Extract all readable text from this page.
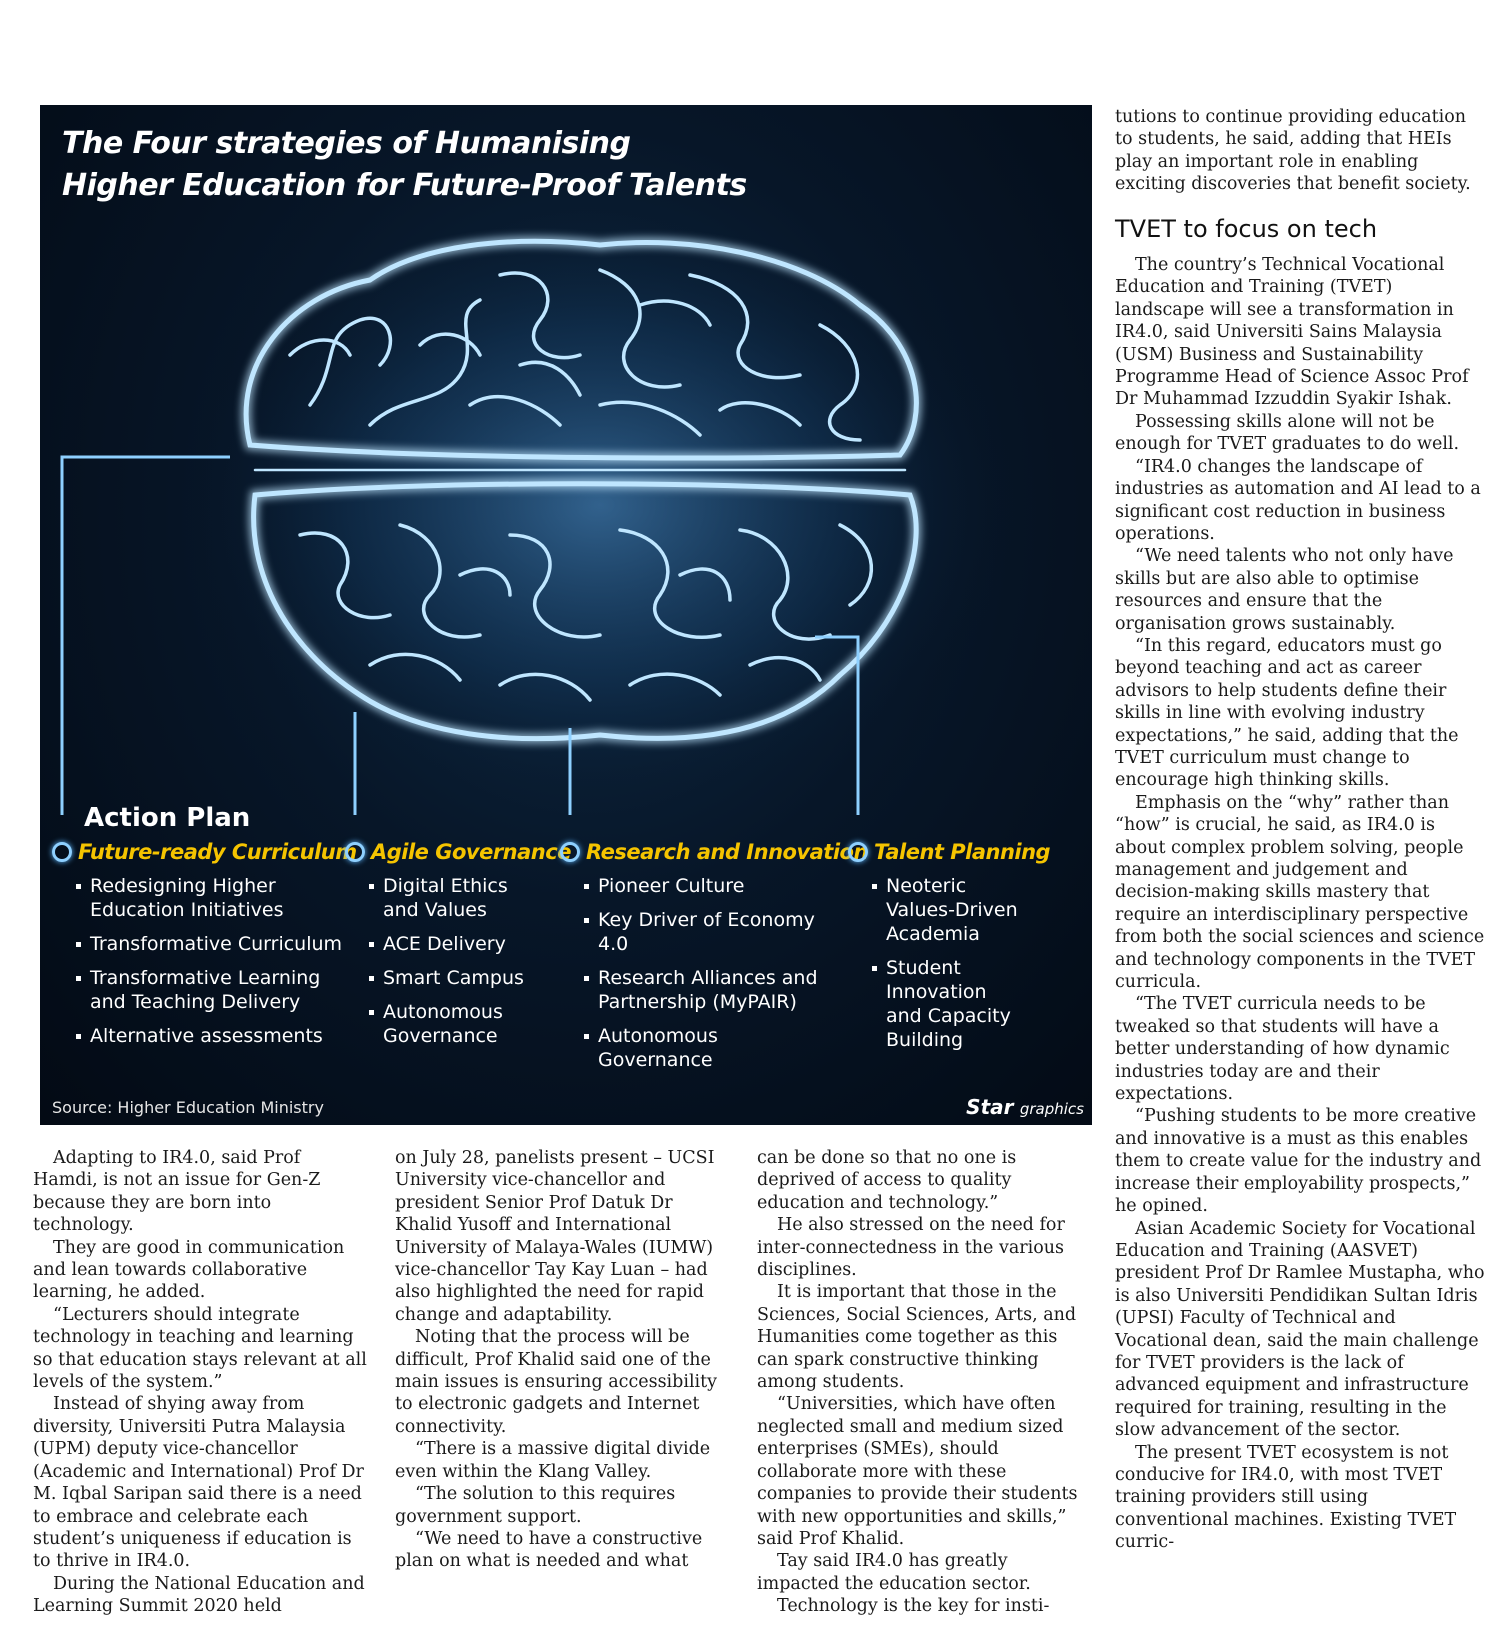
The Four strategies of Humanising
Higher Education for Future-Proof Talents
Action Plan
Future-ready Curriculum
Redesigning Higher Education Initiatives
Transformative Curriculum
Transformative Learning and Teaching Delivery
Alternative assessments
Agile Governance
Digital Ethics and Values
ACE Delivery
Smart Campus
Autonomous Governance
Research and Innovation
Pioneer Culture
Key Driver of Economy 4.0
Research Alliances and Partnership (MyPAIR)
Autonomous Governance
Talent Planning
Neoteric Values-Driven Academia
Student Innovation and Capacity Building
Source: Higher Education Ministry	Star graphics

Adapting to IR4.0, said Prof Hamdi, is not an issue for Gen-Z because they are born into technology.

They are good in communication and lean towards collaborative learning, he added.

“Lecturers should integrate technology in teaching and learning so that education stays relevant at all levels of the system.”

Instead of shying away from diversity, Universiti Putra Malaysia (UPM) deputy vice-chancellor (Academic and International) Prof Dr M. Iqbal Saripan said there is a need to embrace and celebrate each student’s uniqueness if education is to thrive in IR4.0.

During the National Education and Learning Summit 2020 held

on July 28, panelists present – UCSI University vice-chancellor and president Senior Prof Datuk Dr Khalid Yusoff and International University of Malaya-Wales (IUMW) vice-chancellor Tay Kay Luan – had also highlighted the need for rapid change and adaptability.

Noting that the process will be difficult, Prof Khalid said one of the main issues is ensuring accessibility to electronic gadgets and Internet connectivity.

“There is a massive digital divide even within the Klang Valley.

“The solution to this requires government support.

“We need to have a constructive plan on what is needed and what

can be done so that no one is deprived of access to quality education and technology.”

He also stressed on the need for inter-connectedness in the various disciplines.

It is important that those in the Sciences, Social Sciences, Arts, and Humanities come together as this can spark constructive thinking among students.

“Universities, which have often neglected small and medium sized enterprises (SMEs), should collaborate more with these companies to provide their students with new opportunities and skills,” said Prof Khalid.

Tay said IR4.0 has greatly impacted the education sector.

Technology is the key for insti-

tutions to continue providing education to students, he said, adding that HEIs play an important role in enabling exciting discoveries that benefit society.

TVET to focus on tech

The country’s Technical Vocational Education and Training (TVET) landscape will see a transformation in IR4.0, said Universiti Sains Malaysia (USM) Business and Sustainability Programme Head of Science Assoc Prof Dr Muhammad Izzuddin Syakir Ishak.

Possessing skills alone will not be enough for TVET graduates to do well.

“IR4.0 changes the landscape of industries as automation and AI lead to a significant cost reduction in business operations.

“We need talents who not only have skills but are also able to optimise resources and ensure that the organisation grows sustainably.

“In this regard, educators must go beyond teaching and act as career advisors to help students define their skills in line with evolving industry expectations,” he said, adding that the TVET curriculum must change to encourage high thinking skills.

Emphasis on the “why” rather than “how” is crucial, he said, as IR4.0 is about complex problem solving, people management and judgement and decision-making skills mastery that require an interdisciplinary perspective from both the social sciences and science and technology components in the TVET curricula.

“The TVET curricula needs to be tweaked so that students will have a better understanding of how dynamic industries today are and their expectations.

“Pushing students to be more creative and innovative is a must as this enables them to create value for the industry and increase their employability prospects,” he opined.

Asian Academic Society for Vocational Education and Training (AASVET) president Prof Dr Ramlee Mustapha, who is also Universiti Pendidikan Sultan Idris (UPSI) Faculty of Technical and Vocational dean, said the main challenge for TVET providers is the lack of advanced equipment and infrastructure required for training, resulting in the slow advancement of the sector.

The present TVET ecosystem is not conducive for IR4.0, with most TVET training providers still using conventional machines. Existing TVET curric-
